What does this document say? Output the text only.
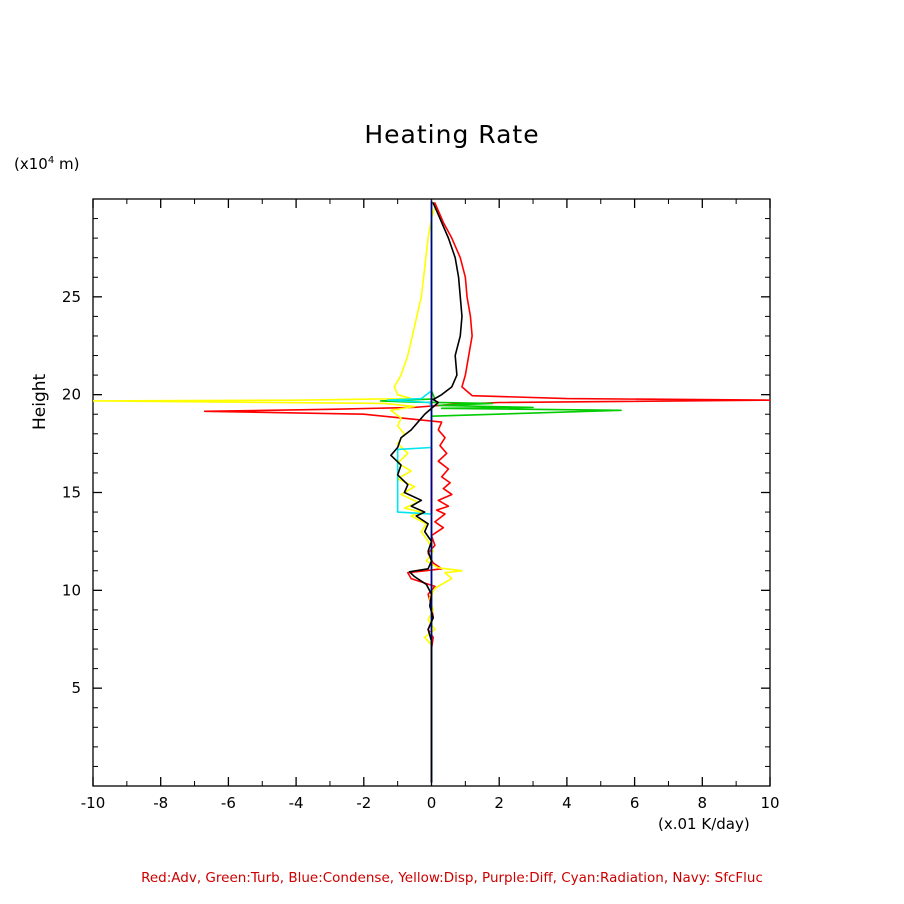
Heating Rate
($x10^4$ m)
Height
(x.01 K/day)
-10	-8	-6	-4	-2	0	2	4	6	8	10
5
10
15
20
25
Red:Adv, Green:Turb, Blue:Condense, Yellow:Disp, Purple:Diff, Cyan:Radiation, Navy: SfcFluc
